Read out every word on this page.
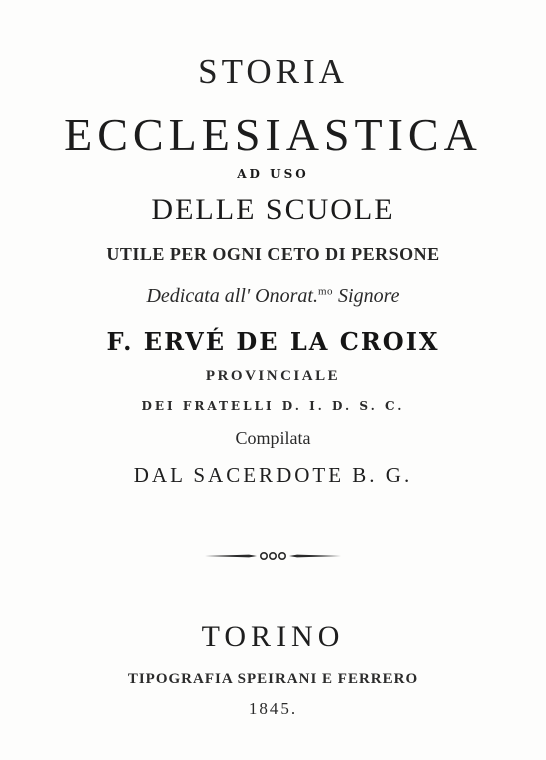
STORIA

ECCLESIASTICA

AD USO

DELLE SCUOLE

UTILE PER OGNI CETO DI PERSONE

Dedicata all' Onorat.$^{mo}$ Signore

F. ERVÉ DE LA CROIX

PROVINCIALE

DEI FRATELLI D. I. D. S. C.

Compilata

DAL SACERDOTE B. G.

TORINO

TIPOGRAFIA SPEIRANI E FERRERO

1845.
